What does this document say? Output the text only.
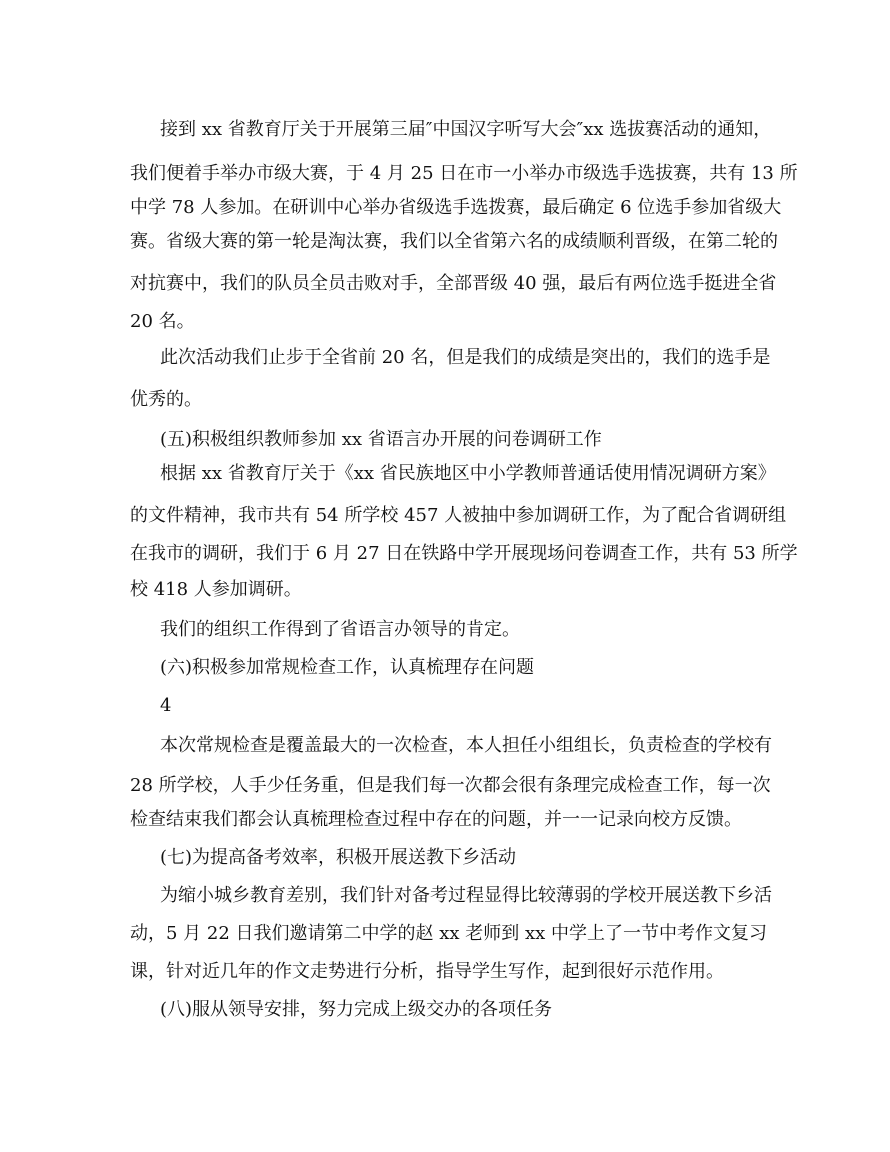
接到 xx 省教育厅关于开展第三届″中国汉字听写大会″xx 选拔赛活动的通知，

我们便着手举办市级大赛，于 4 月 25 日在市一小举办市级选手选拔赛，共有 13 所

中学 78 人参加。在研训中心举办省级选手选拨赛，最后确定 6 位选手参加省级大

赛。省级大赛的第一轮是淘汰赛，我们以全省第六名的成绩顺利晋级，在第二轮的

对抗赛中，我们的队员全员击败对手，全部晋级 40 强，最后有两位选手挺进全省

20 名。

此次活动我们止步于全省前 20 名，但是我们的成绩是突出的，我们的选手是

优秀的。

(五)积极组织教师参加 xx 省语言办开展的问卷调研工作

根据 xx 省教育厅关于《xx 省民族地区中小学教师普通话使用情况调研方案》

的文件精神，我市共有 54 所学校 457 人被抽中参加调研工作，为了配合省调研组

在我市的调研，我们于 6 月 27 日在铁路中学开展现场问卷调查工作，共有 53 所学

校 418 人参加调研。

我们的组织工作得到了省语言办领导的肯定。

(六)积极参加常规检查工作，认真梳理存在问题

4

本次常规检查是覆盖最大的一次检查，本人担任小组组长，负责检查的学校有

28 所学校，人手少任务重，但是我们每一次都会很有条理完成检查工作，每一次

检查结束我们都会认真梳理检查过程中存在的问题，并一一记录向校方反馈。

(七)为提高备考效率，积极开展送教下乡活动

为缩小城乡教育差别，我们针对备考过程显得比较薄弱的学校开展送教下乡活

动，5 月 22 日我们邀请第二中学的赵 xx 老师到 xx 中学上了一节中考作文复习

课，针对近几年的作文走势进行分析，指导学生写作，起到很好示范作用。

(八)服从领导安排，努力完成上级交办的各项任务
